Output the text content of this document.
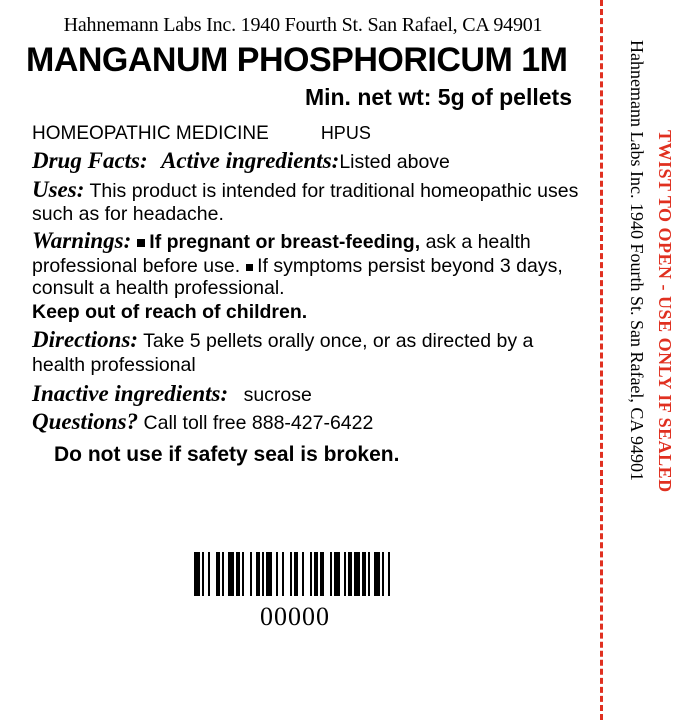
Hahnemann Labs Inc. 1940 Fourth St. San Rafael, CA 94901
MANGANUM PHOSPHORICUM 1M
Min. net wt: 5g of pellets
HOMEOPATHIC MEDICINE	HPUS
Drug Facts: Active ingredients:Listed above
Uses: This product is intended for traditional homeopathic uses such as for headache.
Warnings: If pregnant or breast-feeding, ask a health professional before use. If symptoms persist beyond 3 days, consult a health professional.
Keep out of reach of children.
Directions: Take 5 pellets orally once, or as directed by a health professional
Inactive ingredients: sucrose
Questions? Call toll free 888-427-6422
Do not use if safety seal is broken.
00000
Hahnemann Labs Inc. 1940 Fourth St. San Rafael, CA 94901 TWIST TO OPEN - USE ONLY IF SEALED
